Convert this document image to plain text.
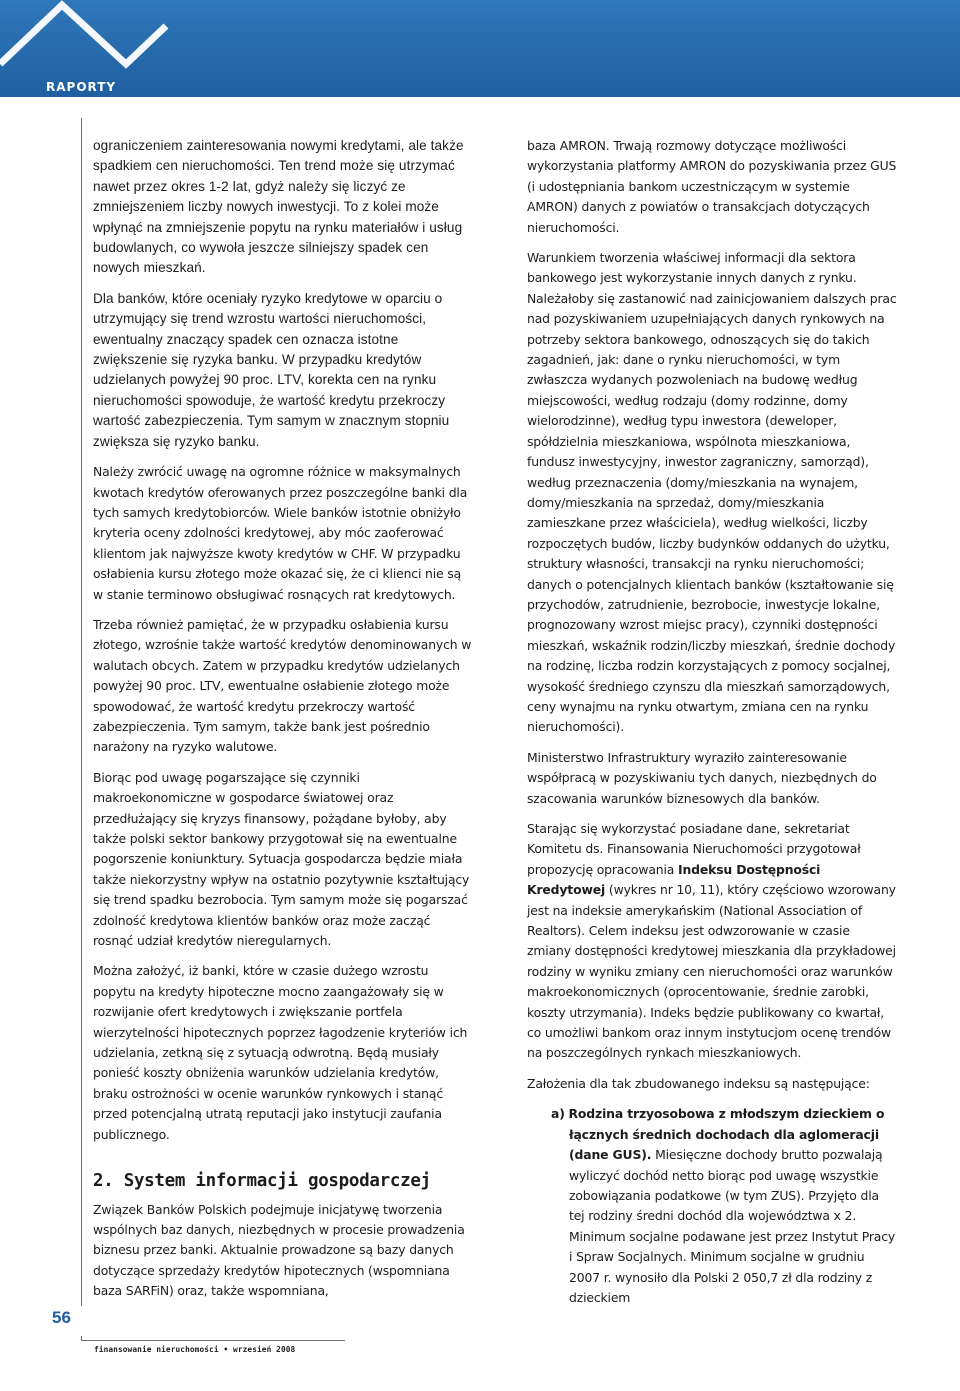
RAPORTY
56
finansowanie nieruchomości • wrzesień 2008

ograniczeniem zainteresowania nowymi kredytami, ale także spadkiem cen nieruchomości. Ten trend może się utrzymać nawet przez okres 1-2 lat, gdyż należy się liczyć ze zmniejszeniem liczby nowych inwestycji. To z kolei może wpłynąć na zmniejszenie popytu na rynku materiałów i usług budowlanych, co wywoła jeszcze silniejszy spadek cen nowych mieszkań.

Dla banków, które oceniały ryzyko kredytowe w oparciu o utrzymujący się trend wzrostu wartości nieruchomości, ewentualny znaczący spadek cen oznacza istotne zwiększenie się ryzyka banku. W przypadku kredytów udzielanych powyżej 90 proc. LTV, korekta cen na rynku nieruchomości spowoduje, że wartość kredytu przekroczy wartość zabezpieczenia. Tym samym w znacznym stopniu zwiększa się ryzyko banku.

Należy zwrócić uwagę na ogromne różnice w maksymalnych kwotach kredytów oferowanych przez poszczególne banki dla tych samych kredytobiorców. Wiele banków istotnie obniżyło kryteria oceny zdolności kredytowej, aby móc zaoferować klientom jak najwyższe kwoty kredytów w CHF. W przypadku osłabienia kursu złotego może okazać się, że ci klienci nie są w stanie terminowo obsługiwać rosnących rat kredytowych.

Trzeba również pamiętać, że w przypadku osłabienia kursu złotego, wzrośnie także wartość kredytów denominowanych w walutach obcych. Zatem w przypadku kredytów udzielanych powyżej 90 proc. LTV, ewentualne osłabienie złotego może spowodować, że wartość kredytu przekroczy wartość zabezpieczenia. Tym samym, także bank jest pośrednio narażony na ryzyko walutowe.

Biorąc pod uwagę pogarszające się czynniki makroekonomiczne w gospodarce światowej oraz przedłużający się kryzys finansowy, pożądane byłoby, aby także polski sektor bankowy przygotował się na ewentualne pogorszenie koniunktury. Sytuacja gospodarcza będzie miała także niekorzystny wpływ na ostatnio pozytywnie kształtujący się trend spadku bezrobocia. Tym samym może się pogarszać zdolność kredytowa klientów banków oraz może zacząć rosnąć udział kredytów nieregularnych.

Można założyć, iż banki, które w czasie dużego wzrostu popytu na kredyty hipoteczne mocno zaangażowały się w rozwijanie ofert kredytowych i zwiększanie portfela wierzytelności hipotecznych poprzez łagodzenie kryteriów ich udzielania, zetkną się z sytuacją odwrotną. Będą musiały ponieść koszty obniżenia warunków udzielania kredytów, braku ostrożności w ocenie warunków rynkowych i stanąć przed potencjalną utratą reputacji jako instytucji zaufania publicznego.

2. System informacji gospodarczej

Związek Banków Polskich podejmuje inicjatywę tworzenia wspólnych baz danych, niezbędnych w procesie prowadzenia biznesu przez banki. Aktualnie prowadzone są bazy danych dotyczące sprzedaży kredytów hipotecznych (wspomniana baza SARFiN) oraz, także wspomniana,

baza AMRON. Trwają rozmowy dotyczące możliwości wykorzystania platformy AMRON do pozyskiwania przez GUS (i udostępniania bankom uczestniczącym w systemie AMRON) danych z powiatów o transakcjach dotyczących nieruchomości.

Warunkiem tworzenia właściwej informacji dla sektora bankowego jest wykorzystanie innych danych z rynku. Należałoby się zastanowić nad zainicjowaniem dalszych prac nad pozyskiwaniem uzupełniających danych rynkowych na potrzeby sektora bankowego, odnoszących się do takich zagadnień, jak: dane o rynku nieruchomości, w tym zwłaszcza wydanych pozwoleniach na budowę według miejscowości, według rodzaju (domy rodzinne, domy wielorodzinne), według typu inwestora (deweloper, spółdzielnia mieszkaniowa, wspólnota mieszkaniowa, fundusz inwestycyjny, inwestor zagraniczny, samorząd), według przeznaczenia (domy/mieszkania na wynajem, domy/mieszkania na sprzedaż, domy/mieszkania zamieszkane przez właściciela), według wielkości, liczby rozpoczętych budów, liczby budynków oddanych do użytku, struktury własności, transakcji na rynku nieruchomości; danych o potencjalnych klientach banków (kształtowanie się przychodów, zatrudnienie, bezrobocie, inwestycje lokalne, prognozowany wzrost miejsc pracy), czynniki dostępności mieszkań, wskaźnik rodzin/liczby mieszkań, średnie dochody na rodzinę, liczba rodzin korzystających z pomocy socjalnej, wysokość średniego czynszu dla mieszkań samorządowych, ceny wynajmu na rynku otwartym, zmiana cen na rynku nieruchomości).

Ministerstwo Infrastruktury wyraziło zainteresowanie współpracą w pozyskiwaniu tych danych, niezbędnych do szacowania warunków biznesowych dla banków.

Starając się wykorzystać posiadane dane, sekretariat Komitetu ds. Finansowania Nieruchomości przygotował propozycję opracowania Indeksu Dostępności Kredytowej (wykres nr 10, 11), który częściowo wzorowany jest na indeksie amerykańskim (National Association of Realtors). Celem indeksu jest odwzorowanie w czasie zmiany dostępności kredytowej mieszkania dla przykładowej rodziny w wyniku zmiany cen nieruchomości oraz warunków makroekonomicznych (oprocentowanie, średnie zarobki, koszty utrzymania). Indeks będzie publikowany co kwartał, co umożliwi bankom oraz innym instytucjom ocenę trendów na poszczególnych rynkach mieszkaniowych.

Założenia dla tak zbudowanego indeksu są następujące:

a) Rodzina trzyosobowa z młodszym dzieckiem o łącznych średnich dochodach dla aglomeracji (dane GUS). Miesięczne dochody brutto pozwalają wyliczyć dochód netto biorąc pod uwagę wszystkie zobowiązania podatkowe (w tym ZUS). Przyjęto dla tej rodziny średni dochód dla województwa x 2. Minimum socjalne podawane jest przez Instytut Pracy i Spraw Socjalnych. Minimum socjalne w grudniu 2007 r. wynosiło dla Polski 2 050,7 zł dla rodziny z dzieckiem
